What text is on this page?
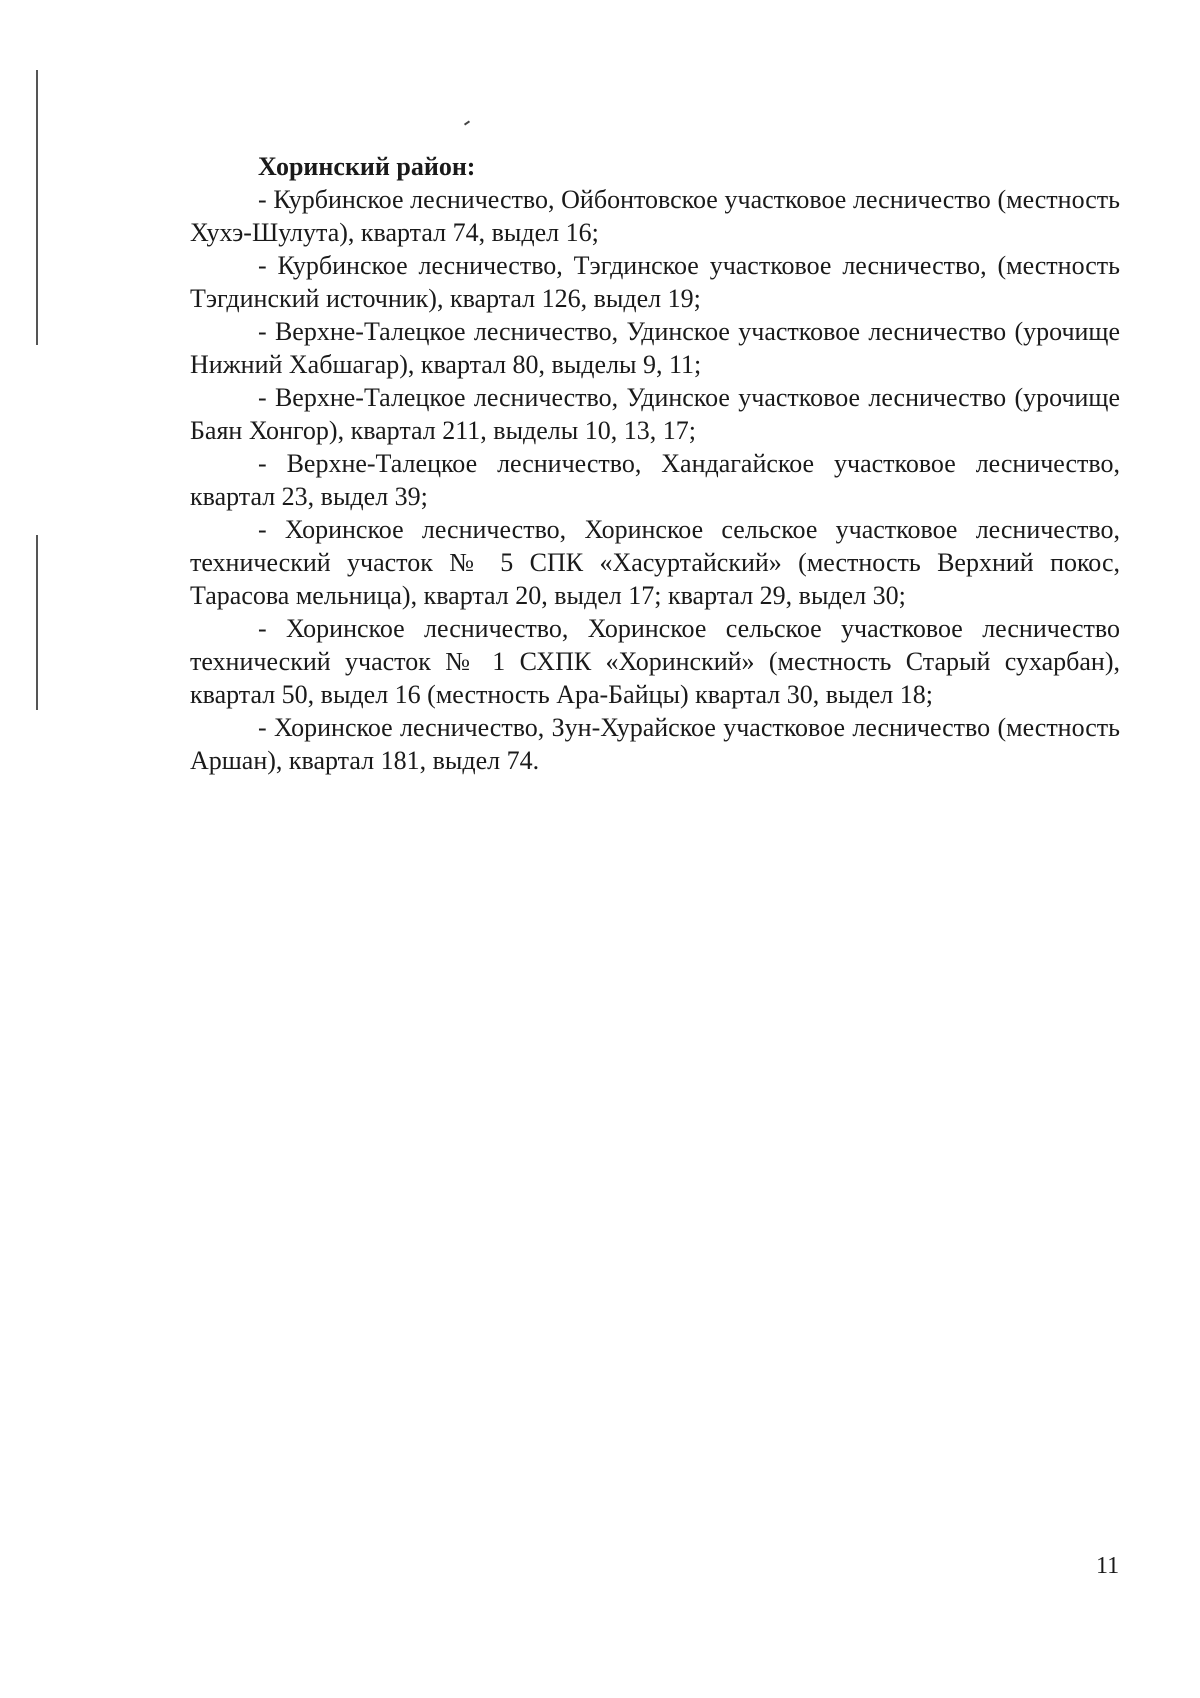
Хоринский район:

- Курбинское лесничество, Ойбонтовское участковое лесничество (местность Хухэ-Шулута), квартал 74, выдел 16;

- Курбинское лесничество, Тэгдинское участковое лесничество, (местность Тэгдинский источник), квартал 126, выдел 19;

- Верхне-Талецкое лесничество, Удинское участковое лесничество (урочище Нижний Хабшагар), квартал 80, выделы 9, 11;

- Верхне-Талецкое лесничество, Удинское участковое лесничество (урочище Баян Хонгор), квартал 211, выделы 10, 13, 17;

- Верхне-Талецкое лесничество, Хандагайское участковое лесничество, квартал 23, выдел 39;

- Хоринское лесничество, Хоринское сельское участковое лесничество, технический участок № 5 СПК «Хасуртайский» (местность Верхний покос, Тарасова мельница), квартал 20, выдел 17; квартал 29, выдел 30;

- Хоринское лесничество, Хоринское сельское участковое лесничество технический участок № 1 СХПК «Хоринский» (местность Старый сухарбан), квартал 50, выдел 16 (местность Ара-Байцы) квартал 30, выдел 18;

- Хоринское лесничество, Зун-Хурайское участковое лесничество (местность Аршан), квартал 181, выдел 74.

11
